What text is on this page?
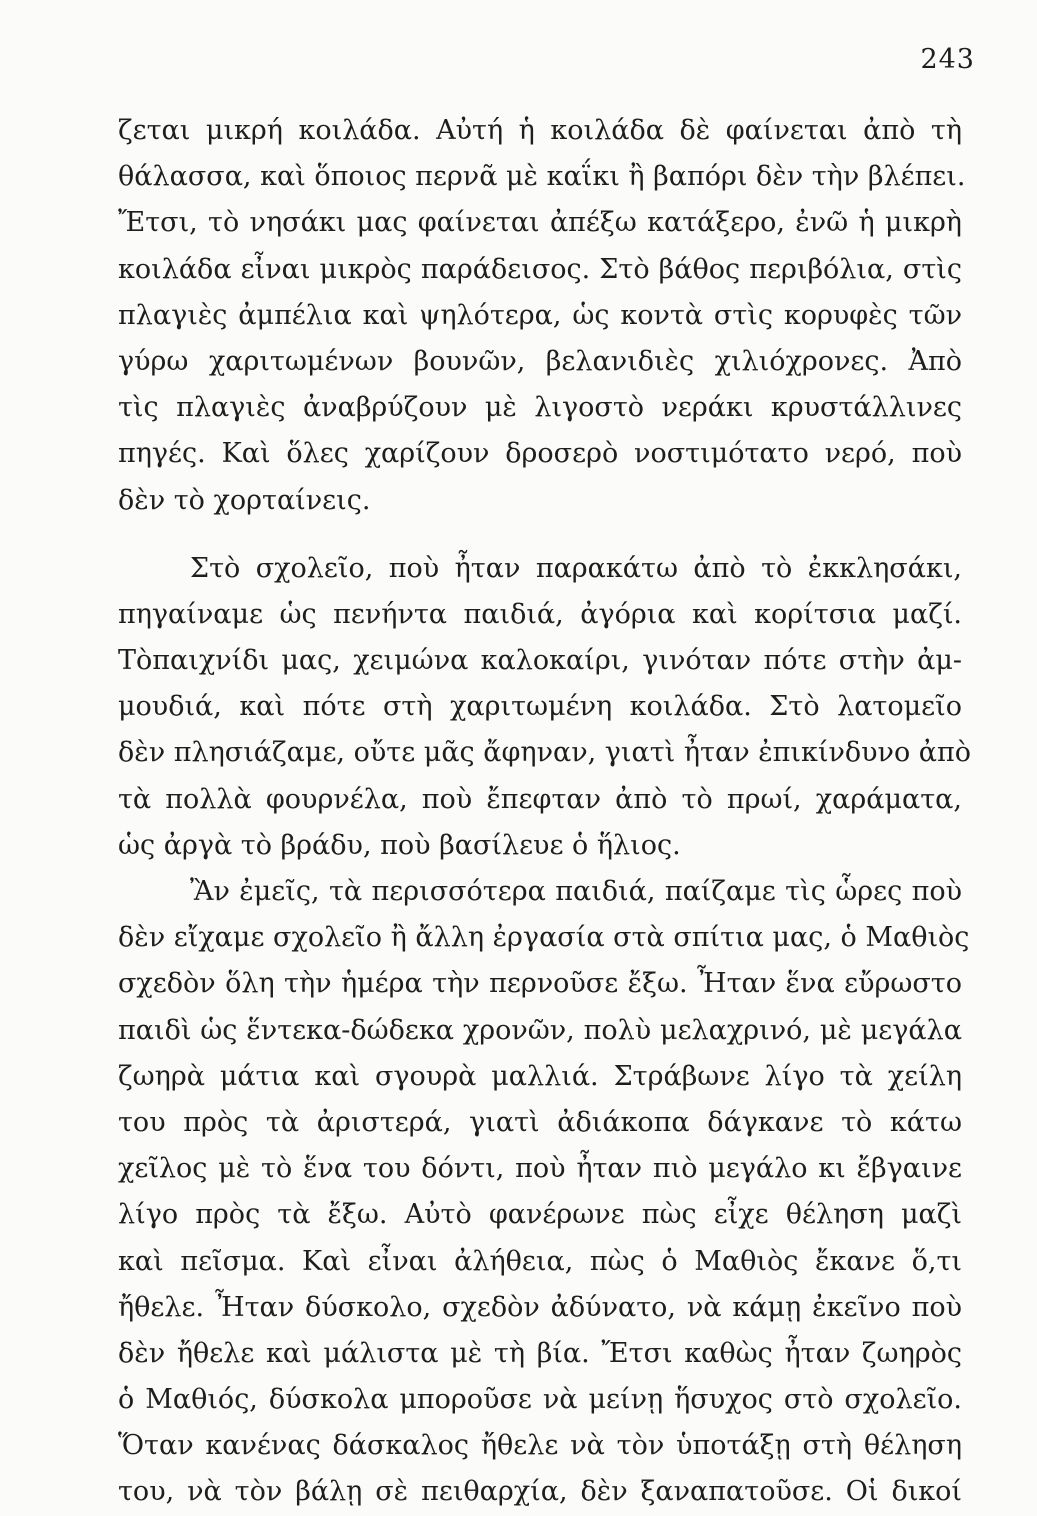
243
ζεται μικρή κοιλάδα. Αὐτή ἡ κοιλάδα δὲ φαίνεται ἀπὸ τὴ
θάλασσα, καὶ ὅποιος περνᾶ μὲ καΐκι ἢ βαπόρι δὲν τὴν βλέπει.
Ἔτσι, τὸ νησάκι μας φαίνεται ἀπέξω κατάξερο, ἐνῶ ἡ μικρὴ
κοιλάδα εἶναι μικρὸς παράδεισος. Στὸ βάθος περιβόλια, στὶς
πλαγιὲς ἀμπέλια καὶ ψηλότερα, ὡς κοντὰ στὶς κορυφὲς τῶν
γύρω χαριτωμένων βουνῶν, βελανιδιὲς χιλιόχρονες. Ἀπὸ
τὶς πλαγιὲς ἀναβρύζουν μὲ λιγοστὸ νεράκι κρυστάλλινες
πηγές. Καὶ ὅλες χαρίζουν δροσερὸ νοστιμότατο νερό, ποὺ
δὲν τὸ χορταίνεις.
Στὸ σχολεῖο, ποὺ ἦταν παρακάτω ἀπὸ τὸ ἐκκλησάκι,
πηγαίναμε ὡς πενήντα παιδιά, ἀγόρια καὶ κορίτσια μαζί.
Τὸπαιχνίδι μας, χειμώνα καλοκαίρι, γινόταν πότε στὴν ἀμ-
μουδιά, καὶ πότε στὴ χαριτωμένη κοιλάδα. Στὸ λατομεῖο
δὲν πλησιάζαμε, οὔτε μᾶς ἄφηναν, γιατὶ ἦταν ἐπικίνδυνο ἀπὸ
τὰ πολλὰ φουρνέλα, ποὺ ἔπεφταν ἀπὸ τὸ πρωί, χαράματα,
ὡς ἀργὰ τὸ βράδυ, ποὺ βασίλευε ὁ ἥλιος.
Ἂν ἐμεῖς, τὰ περισσότερα παιδιά, παίζαμε τὶς ὧρες ποὺ
δὲν εἴχαμε σχολεῖο ἢ ἄλλη ἐργασία στὰ σπίτια μας, ὁ Μαθιὸς
σχεδὸν ὅλη τὴν ἡμέρα τὴν περνοῦσε ἔξω. Ἦταν ἕνα εὔρωστο
παιδὶ ὡς ἕντεκα-δώδεκα χρονῶν, πολὺ μελαχρινό, μὲ μεγάλα
ζωηρὰ μάτια καὶ σγουρὰ μαλλιά. Στράβωνε λίγο τὰ χείλη
του πρὸς τὰ ἀριστερά, γιατὶ ἀδιάκοπα δάγκανε τὸ κάτω
χεῖλος μὲ τὸ ἕνα του δόντι, ποὺ ἦταν πιὸ μεγάλο κι ἔβγαινε
λίγο πρὸς τὰ ἔξω. Αὐτὸ φανέρωνε πὼς εἶχε θέληση μαζὶ
καὶ πεῖσμα. Καὶ εἶναι ἀλήθεια, πὼς ὁ Μαθιὸς ἔκανε ὅ,τι
ἤθελε. Ἦταν δύσκολο, σχεδὸν ἀδύνατο, νὰ κάμῃ ἐκεῖνο ποὺ
δὲν ἤθελε καὶ μάλιστα μὲ τὴ βία. Ἔτσι καθὼς ἦταν ζωηρὸς
ὁ Μαθιός, δύσκολα μποροῦσε νὰ μείνῃ ἥσυχος στὸ σχολεῖο.
Ὅταν κανένας δάσκαλος ἤθελε νὰ τὸν ὑποτάξῃ στὴ θέληση
του, νὰ τὸν βάλῃ σὲ πειθαρχία, δὲν ξαναπατοῦσε. Οἱ δικοί
